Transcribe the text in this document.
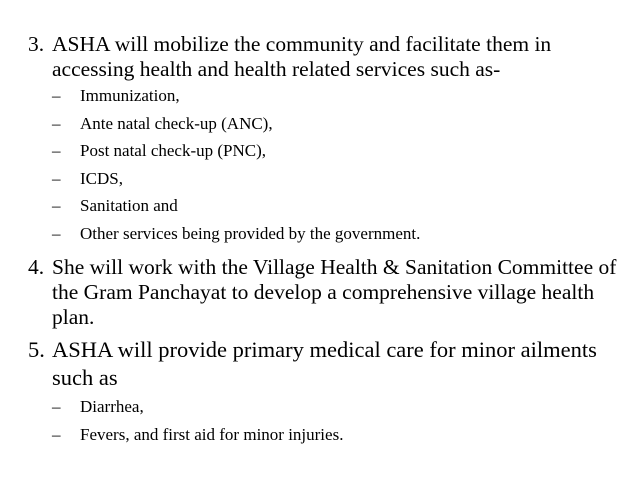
3. ASHA will mobilize the community and facilitate them in accessing health and health related services such as-
– Immunization,
– Ante natal check-up (ANC),
– Post natal check-up (PNC),
– ICDS,
– Sanitation and
– Other services being provided by the government.
4. She will work with the Village Health & Sanitation Committee of the Gram Panchayat to develop a comprehensive village health plan.
5. ASHA will provide primary medical care for minor ailments such as
– Diarrhea,
– Fevers, and first aid for minor injuries.
